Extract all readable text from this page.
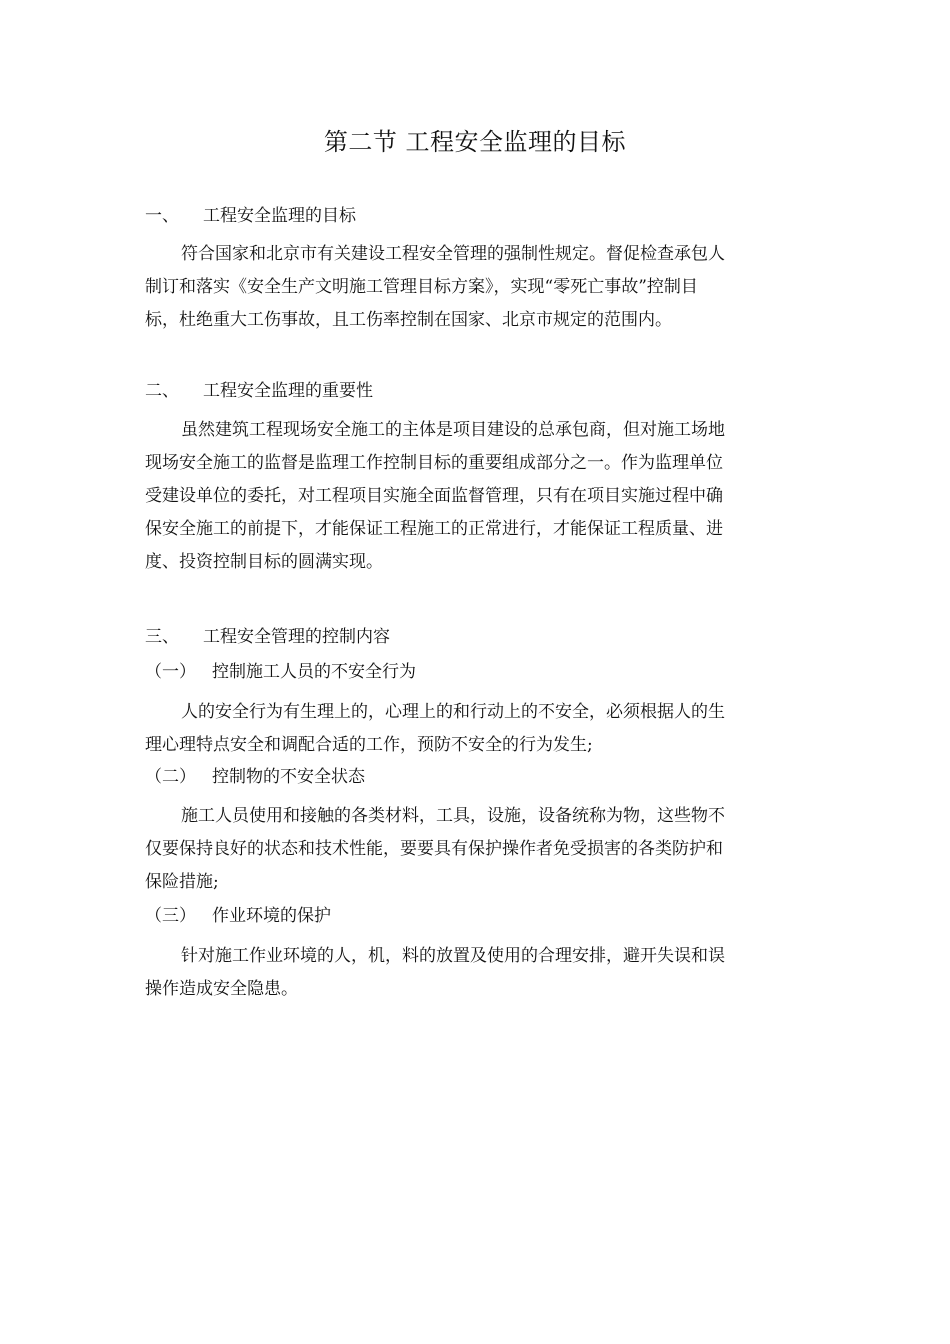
第二节 工程安全监理的目标
一、 工程安全监理的目标
符合国家和北京市有关建设工程安全管理的强制性规定。督促检查承包人
制订和落实《安全生产文明施工管理目标方案》，实现“零死亡事故”控制目
标，杜绝重大工伤事故，且工伤率控制在国家、北京市规定的范围内。
二、 工程安全监理的重要性
虽然建筑工程现场安全施工的主体是项目建设的总承包商，但对施工场地
现场安全施工的监督是监理工作控制目标的重要组成部分之一。作为监理单位
受建设单位的委托，对工程项目实施全面监督管理，只有在项目实施过程中确
保安全施工的前提下，才能保证工程施工的正常进行，才能保证工程质量、进
度、投资控制目标的圆满实现。
三、 工程安全管理的控制内容
（一） 控制施工人员的不安全行为
人的安全行为有生理上的，心理上的和行动上的不安全，必须根据人的生
理心理特点安全和调配合适的工作，预防不安全的行为发生;
（二） 控制物的不安全状态
施工人员使用和接触的各类材料，工具，设施，设备统称为物，这些物不
仅要保持良好的状态和技术性能，要要具有保护操作者免受损害的各类防护和
保险措施;
（三） 作业环境的保护
针对施工作业环境的人，机，料的放置及使用的合理安排，避开失误和误
操作造成安全隐患。
